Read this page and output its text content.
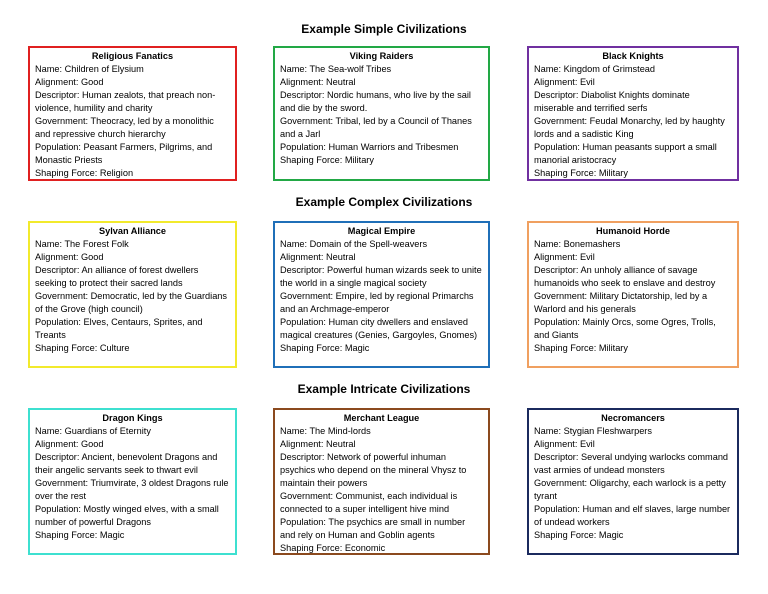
Example Simple Civilizations
Religious Fanatics
Name: Children of Elysium
Alignment: Good
Descriptor: Human zealots, that preach non-violence, humility and charity
Government: Theocracy, led by a monolithic and repressive church hierarchy
Population: Peasant Farmers, Pilgrims, and Monastic Priests
Shaping Force: Religion
Viking Raiders
Name: The Sea-wolf Tribes
Alignment: Neutral
Descriptor: Nordic humans, who live by the sail and die by the sword.
Government: Tribal, led by a Council of Thanes and a Jarl
Population: Human Warriors and Tribesmen
Shaping Force: Military
Black Knights
Name: Kingdom of Grimstead
Alignment: Evil
Descriptor: Diabolist Knights dominate miserable and terrified serfs
Government: Feudal Monarchy, led by haughty lords and a sadistic King
Population: Human peasants support a small manorial aristocracy
Shaping Force: Military
Example Complex Civilizations
Sylvan Alliance
Name: The Forest Folk
Alignment: Good
Descriptor: An alliance of forest dwellers seeking to protect their sacred lands
Government: Democratic, led by the Guardians of the Grove (high council)
Population: Elves, Centaurs, Sprites, and Treants
Shaping Force: Culture
Magical Empire
Name: Domain of the Spell-weavers
Alignment: Neutral
Descriptor: Powerful human wizards seek to unite the world in a single magical society
Government: Empire, led by regional Primarchs and an Archmage-emperor
Population: Human city dwellers and enslaved magical creatures (Genies, Gargoyles, Gnomes)
Shaping Force: Magic
Humanoid Horde
Name: Bonemashers
Alignment: Evil
Descriptor: An unholy alliance of savage humanoids who seek to enslave and destroy
Government: Military Dictatorship, led by a Warlord and his generals
Population: Mainly Orcs, some Ogres, Trolls, and Giants
Shaping Force: Military
Example Intricate Civilizations
Dragon Kings
Name: Guardians of Eternity
Alignment: Good
Descriptor: Ancient, benevolent Dragons and their angelic servants seek to thwart evil
Government: Triumvirate, 3 oldest Dragons rule over the rest
Population: Mostly winged elves, with a small number of powerful Dragons
Shaping Force: Magic
Merchant League
Name: The Mind-lords
Alignment: Neutral
Descriptor: Network of powerful inhuman psychics who depend on the mineral Vhysz to maintain their powers
Government: Communist, each individual is connected to a super intelligent hive mind
Population: The psychics are small in number and rely on Human and Goblin agents
Shaping Force: Economic
Necromancers
Name: Stygian Fleshwarpers
Alignment: Evil
Descriptor: Several undying warlocks command vast armies of undead monsters
Government: Oligarchy, each warlock is a petty tyrant
Population: Human and elf slaves, large number of undead workers
Shaping Force: Magic
